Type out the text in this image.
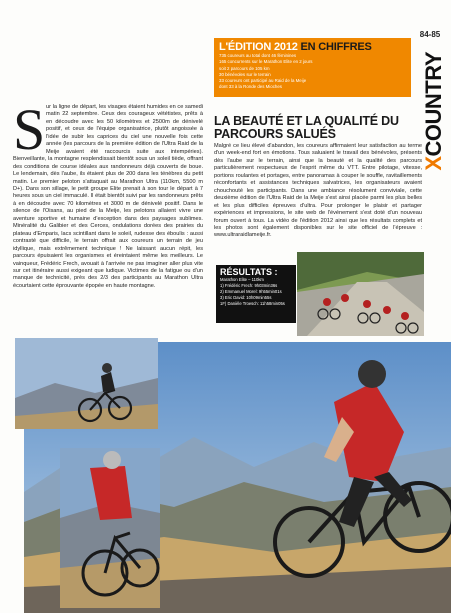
84-85
XCOUNTRY
L'ÉDITION 2012 EN CHIFFRES
735 coureurs au total dont 46 féminines
165 concurrents sur le Marathon Elite en 2 jours
soit 2 parcours de 105 km
30 bénévoles sur le terrain
33 coureurs ont participé au Raid de la Meije
dont 33 à la Ronde des Mioches
S ur la ligne de départ, les visages étaient humides en ce samedi matin 22 septembre. Ceux des courageux vététistes, prêts à en découdre avec les 50 kilomètres et 2500m de dénivelé positif, et ceux de l'équipe organisatrice, plutôt angoissée à l'idée de subir les caprices du ciel une nouvelle fois cette année (les parcours de la première édition de l'Ultra Raid de la Meije avaient été raccourcis suite aux intempéries). Bienveillante, la montagne resplendissait bientôt sous un soleil tiède, offrant des conditions de course idéales aux randonneurs déjà couverts de boue. Le lendemain, dès l'aube, ils étaient plus de 200 dans les ténèbres du petit matin. Le premier peloton s'attaquait au Marathon Ultra (110km, 5500 m D+). Dans son sillage, le petit groupe Elite prenait à son tour le départ à 7 heures sous un ciel immaculé. Il était bientôt suivi par les randonneurs prêts à en découdre avec 70 kilomètres et 3000 m de dénivelé positif. Dans le silence de l'Oisans, au pied de la Meije, les pelotons allaient vivre une aventure sportive et humaine d'exception dans des paysages sublimes. Minéralité du Galibier et des Cerces, ondulations dorées des prairies du plateau d'Emparis, lacs scintillant dans le soleil, rudesse des éboulis : aussi contrasté que difficile, le terrain offrait aux coureurs un terrain de jeu idyllique, mais extrêmement technique ! Ne laissant aucun répit, les parcours épuisaient les organismes et éreintaient même les meilleurs. Le vainqueur, Frédéric Frech, avouait à l'arrivée ne pas imaginer aller plus vite sur cet itinéraire aussi exigeant que ludique. Victimes de la fatigue ou d'un manque de technicité, près des 2/3 des participants au Marathon Ultra écourtaient cette éprouvante épopée en haute montagne.

LA BEAUTÉ ET LA QUALITÉ DU PARCOURS SALUÉS

Malgré ce lieu élevé d'abandon, les coureurs affirmaient leur satisfaction au terme d'un week-end fort en émotions. Tous saluaient le travail des bénévoles, présents dès l'aube sur le terrain, ainsi que la beauté et la qualité des parcours particulièrement respectueux de l'esprit même du VTT. Entre pilotage, vitesse, portions roulantes et portages, entre panoramas à couper le souffle, ravitaillements réconfortants et assistances techniques salvatrices, les organisateurs avaient chouchouté les participants. Dans une ambiance résolument conviviale, cette deuxième édition de l'Ultra Raid de la Meije s'est ainsi placée parmi les plus belles et les plus difficiles épreuves d'ultra. Pour prolonger le plaisir et partager expériences et impressions, le site web de l'événement s'est doté d'un nouveau forum ouvert à tous. La vidéo de l'édition 2012 ainsi que les résultats complets et les photos sont également disponibles sur le site officiel de l'épreuve : www.ultraraidlameije.fr.

RÉSULTATS :
Marathon Elite – 110km
1) Frédéric Frech: 9h03min36s
2) Emmanuel Morel: 9h55min01s
3) Eric David: 10h09min55s
1F) Danièle Troesch: 11h58min05s
